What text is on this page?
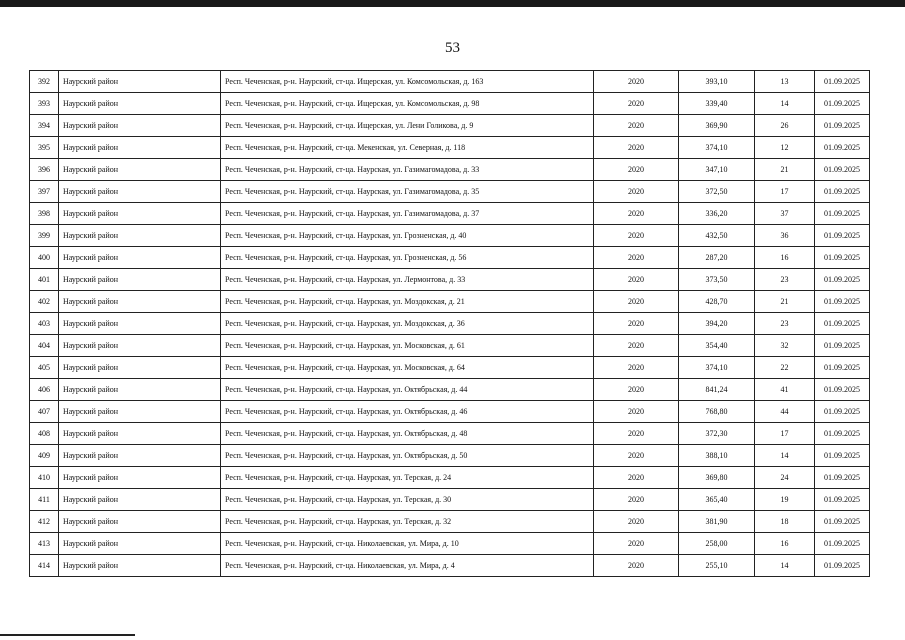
53
392	Наурский район	Респ. Чеченская, р-н. Наурский, ст-ца. Ищерская, ул. Комсомольская, д. 163	2020	393,10	13	01.09.2025
393	Наурский район	Респ. Чеченская, р-н. Наурский, ст-ца. Ищерская, ул. Комсомольская, д. 98	2020	339,40	14	01.09.2025
394	Наурский район	Респ. Чеченская, р-н. Наурский, ст-ца. Ищерская, ул. Лени Голикова, д. 9	2020	369,90	26	01.09.2025
395	Наурский район	Респ. Чеченская, р-н. Наурский, ст-ца. Мекенская, ул. Северная, д. 118	2020	374,10	12	01.09.2025
396	Наурский район	Респ. Чеченская, р-н. Наурский, ст-ца. Наурская, ул. Газимагомадова, д. 33	2020	347,10	21	01.09.2025
397	Наурский район	Респ. Чеченская, р-н. Наурский, ст-ца. Наурская, ул. Газимагомадова, д. 35	2020	372,50	17	01.09.2025
398	Наурский район	Респ. Чеченская, р-н. Наурский, ст-ца. Наурская, ул. Газимагомадова, д. 37	2020	336,20	37	01.09.2025
399	Наурский район	Респ. Чеченская, р-н. Наурский, ст-ца. Наурская, ул. Грозненская, д. 40	2020	432,50	36	01.09.2025
400	Наурский район	Респ. Чеченская, р-н. Наурский, ст-ца. Наурская, ул. Грозненская, д. 56	2020	287,20	16	01.09.2025
401	Наурский район	Респ. Чеченская, р-н. Наурский, ст-ца. Наурская, ул. Лермонтова, д. 33	2020	373,50	23	01.09.2025
402	Наурский район	Респ. Чеченская, р-н. Наурский, ст-ца. Наурская, ул. Моздокская, д. 21	2020	428,70	21	01.09.2025
403	Наурский район	Респ. Чеченская, р-н. Наурский, ст-ца. Наурская, ул. Моздокская, д. 36	2020	394,20	23	01.09.2025
404	Наурский район	Респ. Чеченская, р-н. Наурский, ст-ца. Наурская, ул. Московская, д. 61	2020	354,40	32	01.09.2025
405	Наурский район	Респ. Чеченская, р-н. Наурский, ст-ца. Наурская, ул. Московская, д. 64	2020	374,10	22	01.09.2025
406	Наурский район	Респ. Чеченская, р-н. Наурский, ст-ца. Наурская, ул. Октябрьская, д. 44	2020	841,24	41	01.09.2025
407	Наурский район	Респ. Чеченская, р-н. Наурский, ст-ца. Наурская, ул. Октябрьская, д. 46	2020	768,80	44	01.09.2025
408	Наурский район	Респ. Чеченская, р-н. Наурский, ст-ца. Наурская, ул. Октябрьская, д. 48	2020	372,30	17	01.09.2025
409	Наурский район	Респ. Чеченская, р-н. Наурский, ст-ца. Наурская, ул. Октябрьская, д. 50	2020	388,10	14	01.09.2025
410	Наурский район	Респ. Чеченская, р-н. Наурский, ст-ца. Наурская, ул. Терская, д. 24	2020	369,80	24	01.09.2025
411	Наурский район	Респ. Чеченская, р-н. Наурский, ст-ца. Наурская, ул. Терская, д. 30	2020	365,40	19	01.09.2025
412	Наурский район	Респ. Чеченская, р-н. Наурский, ст-ца. Наурская, ул. Терская, д. 32	2020	381,90	18	01.09.2025
413	Наурский район	Респ. Чеченская, р-н. Наурский, ст-ца. Николаевская, ул. Мира, д. 10	2020	258,00	16	01.09.2025
414	Наурский район	Респ. Чеченская, р-н. Наурский, ст-ца. Николаевская, ул. Мира, д. 4	2020	255,10	14	01.09.2025
